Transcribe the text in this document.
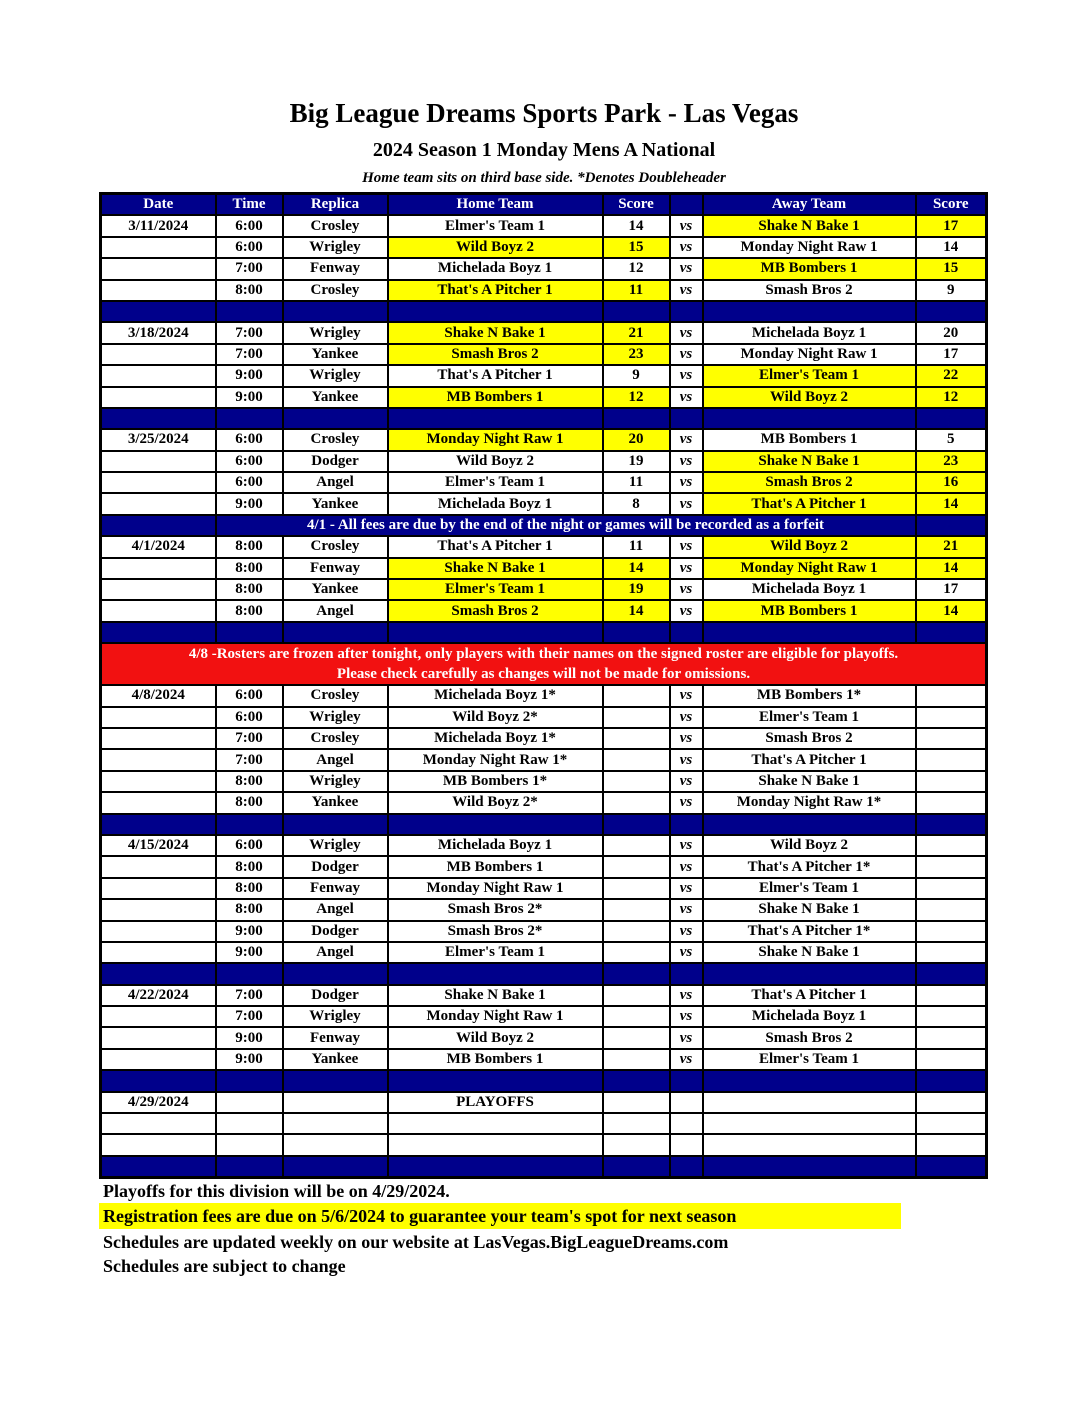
Big League Dreams Sports Park - Las Vegas
2024 Season 1 Monday Mens A National
Home team sits on third base side. *Denotes Doubleheader
Date	Time	Replica	Home Team	Score		Away Team	Score
3/11/2024	6:00	Crosley	Elmer's Team 1	14	vs	Shake N Bake 1	17
	6:00	Wrigley	Wild Boyz 2	15	vs	Monday Night Raw 1	14
	7:00	Fenway	Michelada Boyz 1	12	vs	MB Bombers 1	15
	8:00	Crosley	That's A Pitcher 1	11	vs	Smash Bros 2	9

3/18/2024	7:00	Wrigley	Shake N Bake 1	21	vs	Michelada Boyz 1	20
	7:00	Yankee	Smash Bros 2	23	vs	Monday Night Raw 1	17
	9:00	Wrigley	That's A Pitcher 1	9	vs	Elmer's Team 1	22
	9:00	Yankee	MB Bombers 1	12	vs	Wild Boyz 2	12

3/25/2024	6:00	Crosley	Monday Night Raw 1	20	vs	MB Bombers 1	5
	6:00	Dodger	Wild Boyz 2	19	vs	Shake N Bake 1	23
	6:00	Angel	Elmer's Team 1	11	vs	Smash Bros 2	16
	9:00	Yankee	Michelada Boyz 1	8	vs	That's A Pitcher 1	14
	4/1 - All fees are due by the end of the night or games will be recorded as a forfeit						
4/1/2024	8:00	Crosley	That's A Pitcher 1	11	vs	Wild Boyz 2	21
	8:00	Fenway	Shake N Bake 1	14	vs	Monday Night Raw 1	14
	8:00	Yankee	Elmer's Team 1	19	vs	Michelada Boyz 1	17
	8:00	Angel	Smash Bros 2	14	vs	MB Bombers 1	14

4/8 -Rosters are frozen after tonight, only players with their names on the signed roster are eligible for playoffs.
Please check carefully as changes will not be made for omissions.							

4/8/2024	6:00	Crosley	Michelada Boyz 1*		vs	MB Bombers 1*	
	6:00	Wrigley	Wild Boyz 2*		vs	Elmer's Team 1	
	7:00	Crosley	Michelada Boyz 1*		vs	Smash Bros 2	
	7:00	Angel	Monday Night Raw 1*		vs	That's A Pitcher 1	
	8:00	Wrigley	MB Bombers 1*		vs	Shake N Bake 1	
	8:00	Yankee	Wild Boyz 2*		vs	Monday Night Raw 1*	

4/15/2024	6:00	Wrigley	Michelada Boyz 1		vs	Wild Boyz 2	
	8:00	Dodger	MB Bombers 1		vs	That's A Pitcher 1*	
	8:00	Fenway	Monday Night Raw 1		vs	Elmer's Team 1	
	8:00	Angel	Smash Bros 2*		vs	Shake N Bake 1	
	9:00	Dodger	Smash Bros 2*		vs	That's A Pitcher 1*	
	9:00	Angel	Elmer's Team 1		vs	Shake N Bake 1	

4/22/2024	7:00	Dodger	Shake N Bake 1		vs	That's A Pitcher 1	
	7:00	Wrigley	Monday Night Raw 1		vs	Michelada Boyz 1	
	9:00	Fenway	Wild Boyz 2		vs	Smash Bros 2	
	9:00	Yankee	MB Bombers 1		vs	Elmer's Team 1	

4/29/2024			PLAYOFFS				

Playoffs for this division will be on 4/29/2024.
Registration fees are due on 5/6/2024 to guarantee your team's spot for next season
Schedules are updated weekly on our website at LasVegas.BigLeagueDreams.com
Schedules are subject to change
